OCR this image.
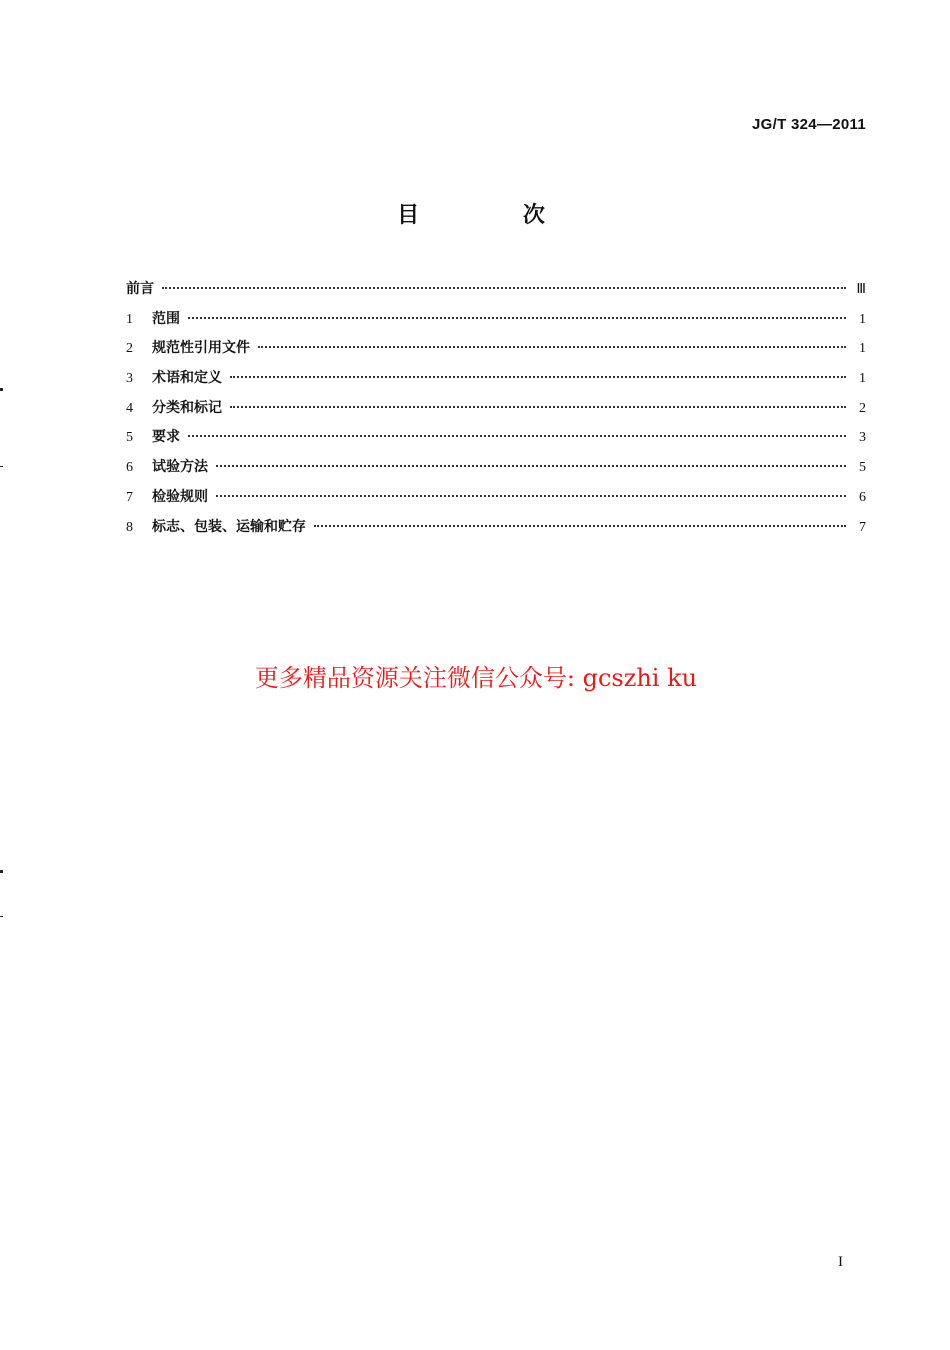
JG/T 324—2011
目 次
前言	Ⅲ
1	范围	1
2	规范性引用文件	1
3	术语和定义	1
4	分类和标记	2
5	要求	3
6	试验方法	5
7	检验规则	6
8	标志、包装、运输和贮存	7
更多精品资源关注微信公众号: gcszhi ku
I
